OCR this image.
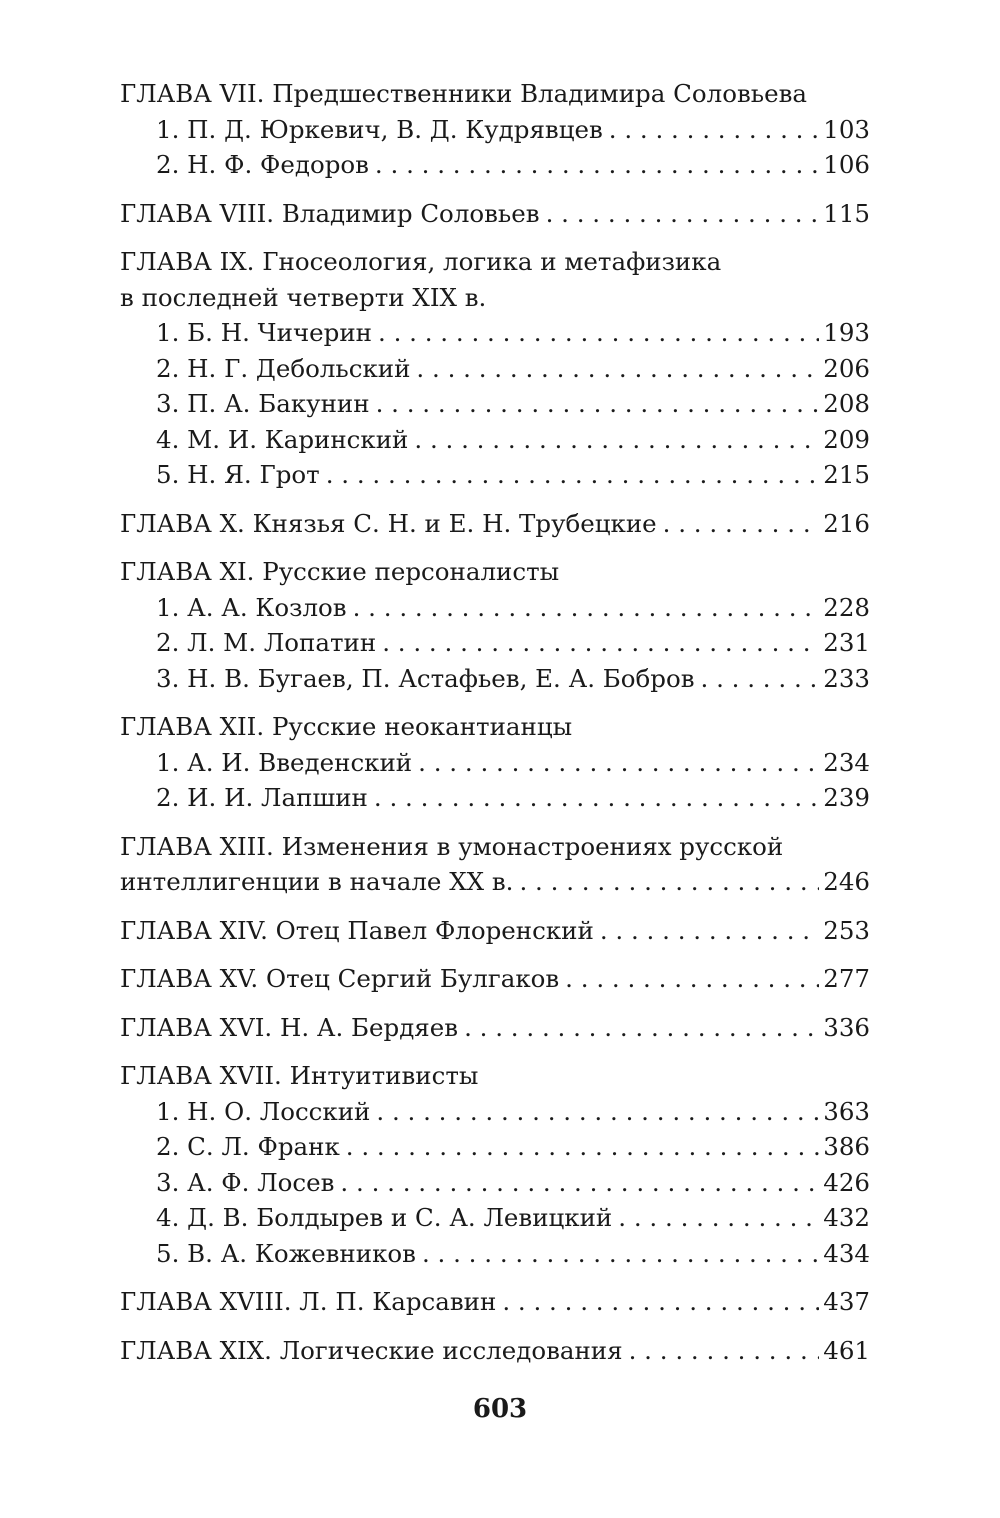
ГЛАВА VII. Предшественники Владимира Соловьева
1. П. Д. Юркевич, В. Д. Кудрявцев . . .	103
2. Н. Ф. Федоров . . .	106
ГЛАВА VIII. Владимир Соловьев . . .	115
ГЛАВА IX. Гносеология, логика и метафизика
в последней четверти XIX в.
1. Б. Н. Чичерин . . .	193
2. Н. Г. Дебольский . . .	206
3. П. А. Бакунин . . .	208
4. М. И. Каринский . . .	209
5. Н. Я. Грот . . .	215
ГЛАВА X. Князья С. Н. и Е. Н. Трубецкие . . .	216
ГЛАВА XI. Русские персоналисты
1. А. А. Козлов . . .	228
2. Л. М. Лопатин . . .	231
3. Н. В. Бугаев, П. Астафьев, Е. А. Бобров . . .	233
ГЛАВА XII. Русские неокантианцы
1. А. И. Введенский . . .	234
2. И. И. Лапшин . . .	239
ГЛАВА XIII. Изменения в умонастроениях русской
интеллигенции в начале XX в. . . .	246
ГЛАВА XIV. Отец Павел Флоренский . . .	253
ГЛАВА XV. Отец Сергий Булгаков . . .	277
ГЛАВА XVI. Н. А. Бердяев . . .	336
ГЛАВА XVII. Интуитивисты
1. Н. О. Лосский . . .	363
2. С. Л. Франк . . .	386
3. А. Ф. Лосев . . .	426
4. Д. В. Болдырев и С. А. Левицкий . . .	432
5. В. А. Кожевников . . .	434
ГЛАВА XVIII. Л. П. Карсавин . . .	437
ГЛАВА XIX. Логические исследования . . .	461
603
